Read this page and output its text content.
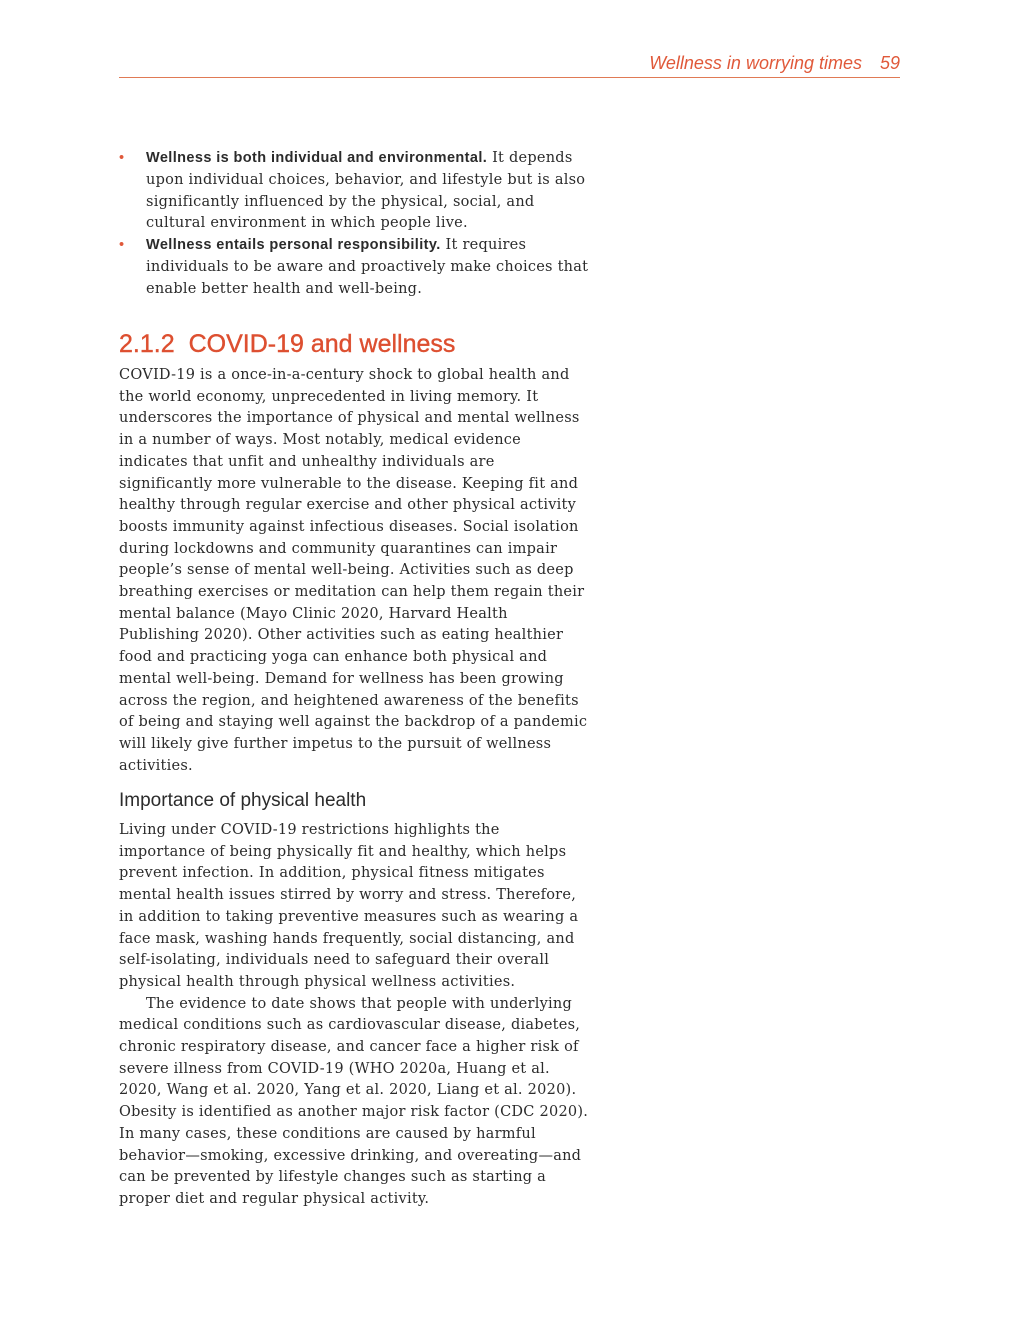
Wellness in worrying times 59
• Wellness is both individual and environmental. It depends upon individual choices, behavior, and lifestyle but is also significantly influenced by the physical, social, and cultural environment in which people live.
• Wellness entails personal responsibility. It requires individuals to be aware and proactively make choices that enable better health and well-being.
2.1.2 COVID-19 and wellness

COVID-19 is a once-in-a-century shock to global health and the world economy, unprecedented in living memory. It underscores the importance of physical and mental wellness in a number of ways. Most notably, medical evidence indicates that unfit and unhealthy individuals are significantly more vulnerable to the disease. Keeping fit and healthy through regular exercise and other physical activity boosts immunity against infectious diseases. Social isolation during lockdowns and community quarantines can impair people’s sense of mental well-being. Activities such as deep breathing exercises or meditation can help them regain their mental balance (Mayo Clinic 2020, Harvard Health Publishing 2020). Other activities such as eating healthier food and practicing yoga can enhance both physical and mental well-being. Demand for wellness has been growing across the region, and heightened awareness of the benefits of being and staying well against the backdrop of a pandemic will likely give further impetus to the pursuit of wellness activities.

Importance of physical health

Living under COVID-19 restrictions highlights the importance of being physically fit and healthy, which helps prevent infection. In addition, physical fitness mitigates mental health issues stirred by worry and stress. Therefore, in addition to taking preventive measures such as wearing a face mask, washing hands frequently, social distancing, and self-isolating, individuals need to safeguard their overall physical health through physical wellness activities.

The evidence to date shows that people with underlying medical conditions such as cardiovascular disease, diabetes, chronic respiratory disease, and cancer face a higher risk of severe illness from COVID-19 (WHO 2020a, Huang et al. 2020, Wang et al. 2020, Yang et al. 2020, Liang et al. 2020). Obesity is identified as another major risk factor (CDC 2020). In many cases, these conditions are caused by harmful behavior—smoking, excessive drinking, and overeating—and can be prevented by lifestyle changes such as starting a proper diet and regular physical activity.
